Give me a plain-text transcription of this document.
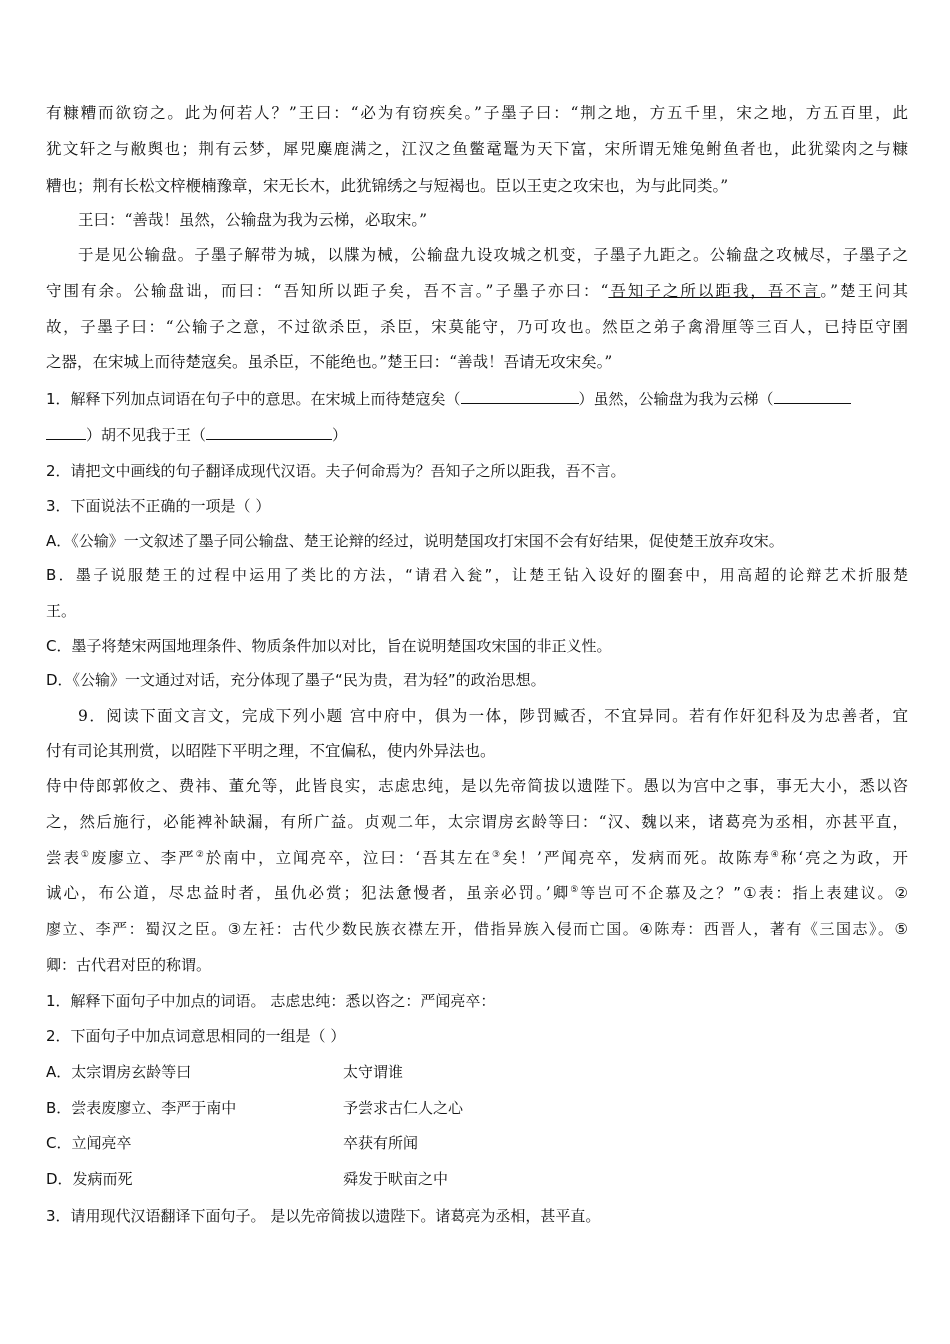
有糠糟而欲窃之。此为何若人？”王曰：“必为有窃疾矣。”子墨子曰：“荆之地，方五千里，宋之地，方五百里，此
犹文轩之与敝舆也；荆有云梦，犀兕麋鹿满之，江汉之鱼鳖鼋鼍为天下富，宋所谓无雉兔鲋鱼者也，此犹粱肉之与糠
糟也；荆有长松文梓楩楠豫章，宋无长木，此犹锦绣之与短褐也。臣以王吏之攻宋也，为与此同类。”
王曰：“善哉！虽然，公输盘为我为云梯，必取宋。”
于是见公输盘。子墨子解带为城，以牒为械，公输盘九设攻城之机变，子墨子九距之。公输盘之攻械尽，子墨子之
守围有余。公输盘诎，而曰：“吾知所以距子矣，吾不言。”子墨子亦曰：“吾知子之所以距我，吾不言。”楚王问其
故，子墨子曰：“公输子之意，不过欲杀臣，杀臣，宋莫能守，乃可攻也。然臣之弟子禽滑厘等三百人，已持臣守圉
之器，在宋城上而待楚寇矣。虽杀臣，不能绝也。”楚王曰：“善哉！吾请无攻宋矣。”
1．解释下列加点词语在句子中的意思。在宋城上而待楚寇矣（	）虽然，公输盘为我为云梯（
）胡不见我于王（	）
2．请把文中画线的句子翻译成现代汉语。夫子何命焉为？吾知子之所以距我，吾不言。
3．下面说法不正确的一项是（ ）
A．《公输》一文叙述了墨子同公输盘、楚王论辩的经过，说明楚国攻打宋国不会有好结果，促使楚王放弃攻宋。
B．墨子说服楚王的过程中运用了类比的方法，“请君入瓮”，让楚王钻入设好的圈套中，用高超的论辩艺术折服楚
王。
C．墨子将楚宋两国地理条件、物质条件加以对比，旨在说明楚国攻宋国的非正义性。
D．《公输》一文通过对话，充分体现了墨子“民为贵，君为轻”的政治思想。
9．阅读下面文言文，完成下列小题 宫中府中，俱为一体，陟罚臧否，不宜异同。若有作奸犯科及为忠善者，宜
付有司论其刑赏，以昭陛下平明之理，不宜偏私，使内外异法也。
侍中侍郎郭攸之、费祎、董允等，此皆良实，志虑忠纯，是以先帝简拔以遗陛下。愚以为宫中之事，事无大小，悉以咨
之，然后施行，必能裨补缺漏，有所广益。贞观二年，太宗谓房玄龄等曰：“汉、魏以来，诸葛亮为丞相，亦甚平直，
尝表①废廖立、李严②於南中，立闻亮卒，泣曰：‘吾其左在③矣！’严闻亮卒，发病而死。故陈寿④称‘亮之为政，开
诚心，布公道，尽忠益时者，虽仇必赏；犯法惫慢者，虽亲必罚。’卿⑤等岂可不企慕及之？”①表：指上表建议。②
廖立、李严：蜀汉之臣。③左衽：古代少数民族衣襟左开，借指异族入侵而亡国。④陈寿：西晋人，著有《三国志》。⑤
卿：古代君对臣的称谓。
1．解释下面句子中加点的词语。 志虑忠纯：悉以咨之：严闻亮卒：
2．下面句子中加点词意思相同的一组是（ ）
A．太宗谓房玄龄等曰	太守谓谁
B．尝表废廖立、李严于南中	予尝求古仁人之心
C．立闻亮卒	卒获有所闻
D．发病而死	舜发于畎亩之中
3．请用现代汉语翻译下面句子。 是以先帝简拔以遗陛下。诸葛亮为丞相，甚平直。
